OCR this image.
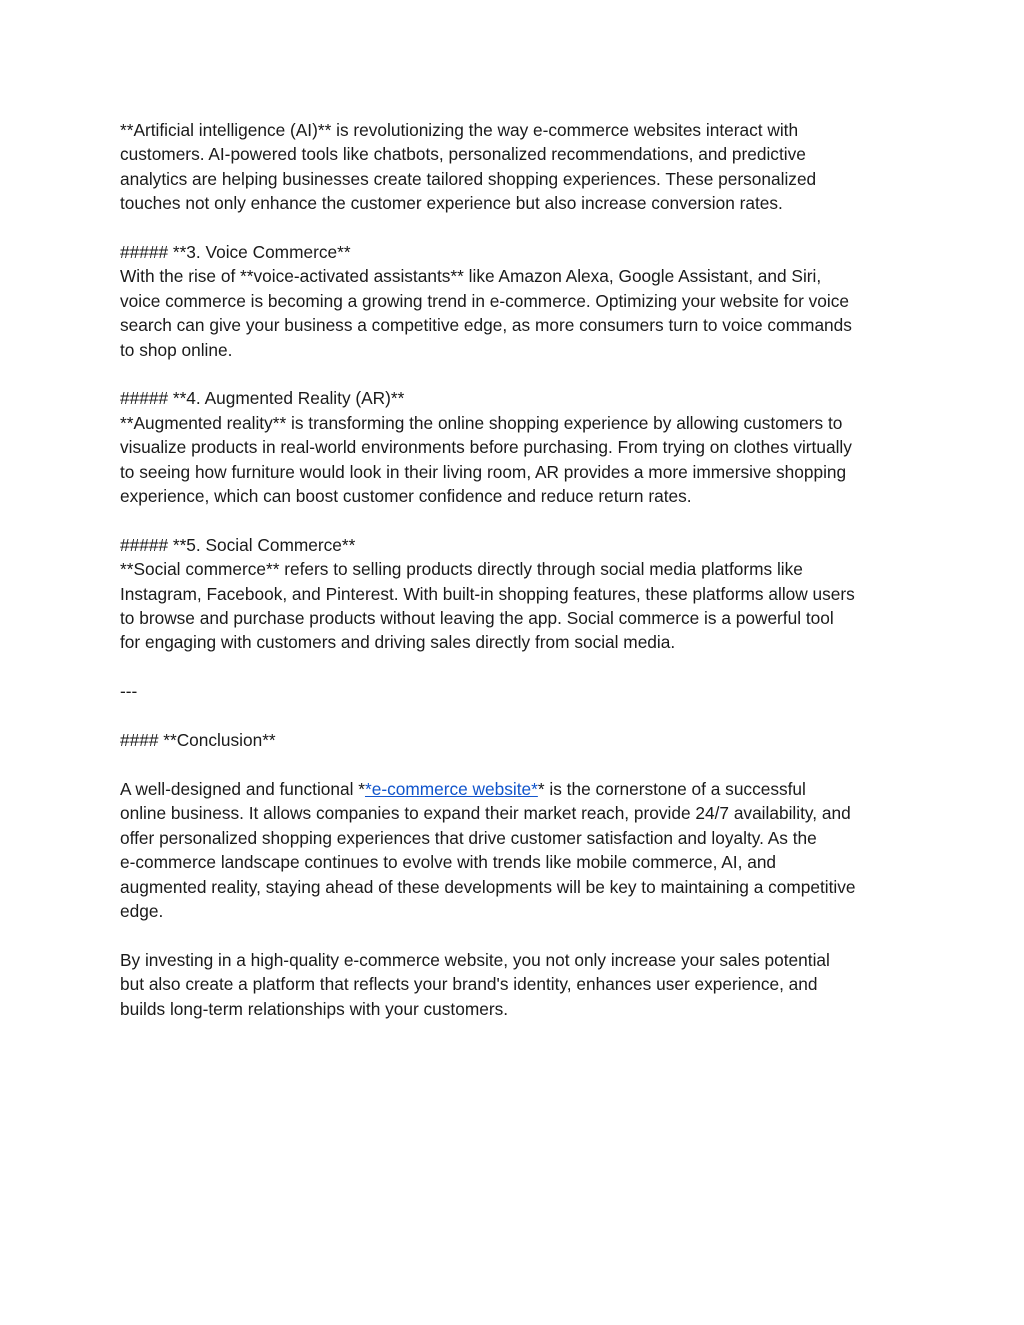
**Artificial intelligence (AI)** is revolutionizing the way e-commerce websites interact with
customers. AI-powered tools like chatbots, personalized recommendations, and predictive
analytics are helping businesses create tailored shopping experiences. These personalized
touches not only enhance the customer experience but also increase conversion rates.
##### **3. Voice Commerce**
With the rise of **voice-activated assistants** like Amazon Alexa, Google Assistant, and Siri,
voice commerce is becoming a growing trend in e-commerce. Optimizing your website for voice
search can give your business a competitive edge, as more consumers turn to voice commands
to shop online.
##### **4. Augmented Reality (AR)**
**Augmented reality** is transforming the online shopping experience by allowing customers to
visualize products in real-world environments before purchasing. From trying on clothes virtually
to seeing how furniture would look in their living room, AR provides a more immersive shopping
experience, which can boost customer confidence and reduce return rates.
##### **5. Social Commerce**
**Social commerce** refers to selling products directly through social media platforms like
Instagram, Facebook, and Pinterest. With built-in shopping features, these platforms allow users
to browse and purchase products without leaving the app. Social commerce is a powerful tool
for engaging with customers and driving sales directly from social media.
---
#### **Conclusion**
A well-designed and functional **e-commerce website** is the cornerstone of a successful
online business. It allows companies to expand their market reach, provide 24/7 availability, and
offer personalized shopping experiences that drive customer satisfaction and loyalty. As the
e-commerce landscape continues to evolve with trends like mobile commerce, AI, and
augmented reality, staying ahead of these developments will be key to maintaining a competitive
edge.
By investing in a high-quality e-commerce website, you not only increase your sales potential
but also create a platform that reflects your brand's identity, enhances user experience, and
builds long-term relationships with your customers.
